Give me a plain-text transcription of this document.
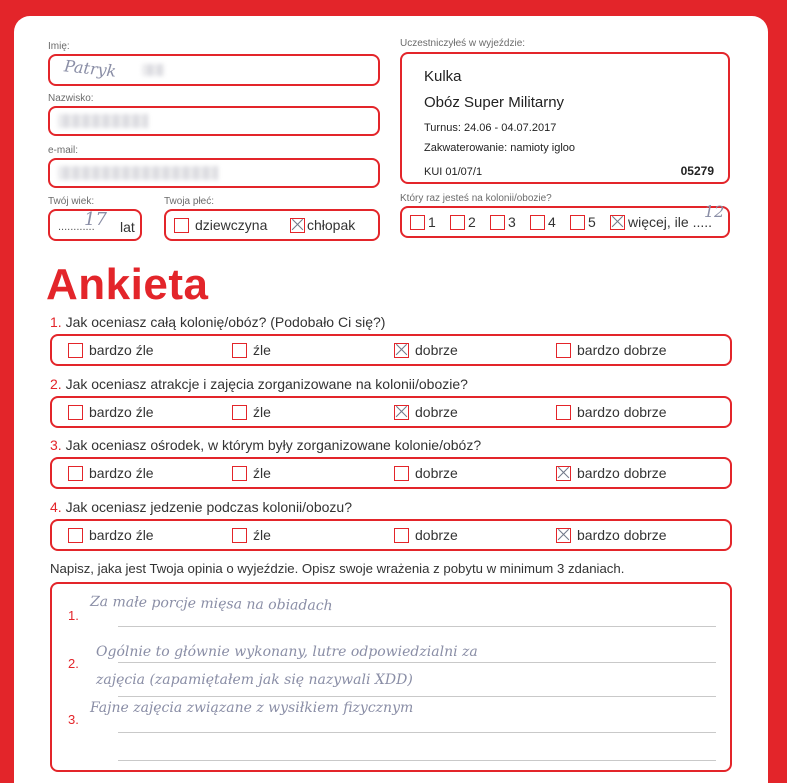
Imię:
Patryk
Nazwisko:
e-mail:
Twój wiek:
............
17 lat
Twoja płeć:
dziewczyna	chłopak
Uczestniczyłeś w wyjeździe:
Kulka
Obóz Super Militarny
Turnus: 24.06 - 04.07.2017
Zakwaterowanie: namioty igloo
KUI 01/07/1	05279
Który raz jesteś na kolonii/obozie?
1 2 3 4 5 więcej, ile .....
12
Ankieta
1. Jak oceniasz całą kolonię/obóz? (Podobało Ci się?)
bardzo źle	źle	dobrze	bardzo dobrze
2. Jak oceniasz atrakcje i zajęcia zorganizowane na kolonii/obozie?
bardzo źle	źle	dobrze	bardzo dobrze
3. Jak oceniasz ośrodek, w którym były zorganizowane kolonie/obóz?
bardzo źle	źle	dobrze	bardzo dobrze
4. Jak oceniasz jedzenie podczas kolonii/obozu?
bardzo źle	źle	dobrze	bardzo dobrze
Napisz, jaka jest Twoja opinia o wyjeździe. Opisz swoje wrażenia z pobytu w minimum 3 zdaniach.
1.
Za małe porcje mięsa na obiadach
2.
Ogólnie to głównie wykonany, lutre odpowiedzialni za
zajęcia (zapamiętałem jak się nazywali XDD)
3.
Fajne zajęcia związane z wysiłkiem fizycznym
